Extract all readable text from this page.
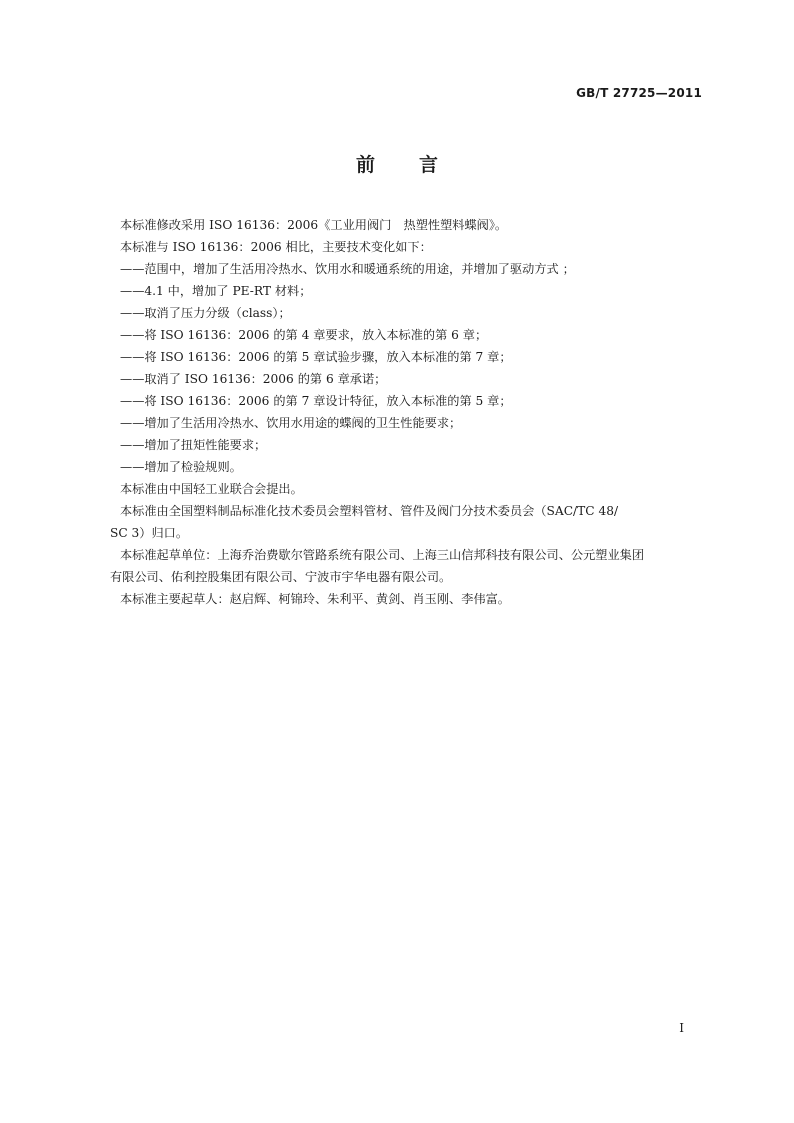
GB/T 27725—2011
前 言
本标准修改采用 ISO 16136：2006《工业用阀门　热塑性塑料蝶阀》。
本标准与 ISO 16136：2006 相比，主要技术变化如下：
——范围中，增加了生活用冷热水、饮用水和暖通系统的用途，并增加了驱动方式 ；
——4.1 中，增加了 PE-RT 材料；
——取消了压力分级（class）；
——将 ISO 16136：2006 的第 4 章要求，放入本标准的第 6 章；
——将 ISO 16136：2006 的第 5 章试验步骤，放入本标准的第 7 章；
——取消了 ISO 16136：2006 的第 6 章承诺；
——将 ISO 16136：2006 的第 7 章设计特征，放入本标准的第 5 章；
——增加了生活用冷热水、饮用水用途的蝶阀的卫生性能要求；
——增加了扭矩性能要求；
——增加了检验规则。
本标准由中国轻工业联合会提出。
本标准由全国塑料制品标准化技术委员会塑料管材、管件及阀门分技术委员会（SAC/TC 48/
SC 3）归口。
本标准起草单位：上海乔治费歇尔管路系统有限公司、上海三山信邦科技有限公司、公元塑业集团
有限公司、佑利控股集团有限公司、宁波市宇华电器有限公司。
本标准主要起草人：赵启辉、柯锦玲、朱利平、黄剑、肖玉刚、李伟富。
I
